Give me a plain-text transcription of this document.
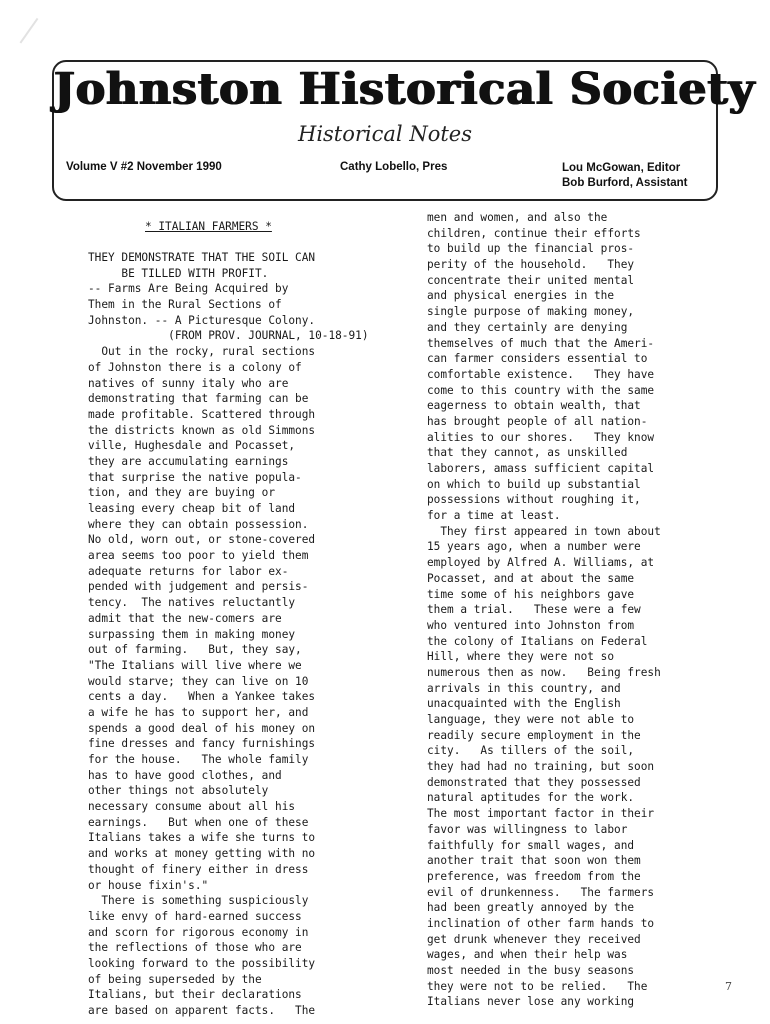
Johnston Historical Society
Historical Notes
Volume V #2 November 1990	Cathy Lobello, Pres	Lou McGowan, Editor
Bob Burford, Assistant
* ITALIAN FARMERS *
THEY DEMONSTRATE THAT THE SOIL CAN
BE TILLED WITH PROFIT.
-- Farms Are Being Acquired by
Them in the Rural Sections of
Johnston. -- A Picturesque Colony.
(FROM PROV. JOURNAL, 10-18-91)
Out in the rocky, rural sections
of Johnston there is a colony of
natives of sunny italy who are
demonstrating that farming can be
made profitable. Scattered through
the districts known as old Simmons
ville, Hughesdale and Pocasset,
they are accumulating earnings
that surprise the native popula-
tion, and they are buying or
leasing every cheap bit of land
where they can obtain possession.
No old, worn out, or stone-covered
area seems too poor to yield them
adequate returns for labor ex-
pended with judgement and persis-
tency.  The natives reluctantly
admit that the new-comers are
surpassing them in making money
out of farming.   But, they say,
"The Italians will live where we
would starve; they can live on 10
cents a day.   When a Yankee takes
a wife he has to support her, and
spends a good deal of his money on
fine dresses and fancy furnishings
for the house.   The whole family
has to have good clothes, and
other things not absolutely
necessary consume about all his
earnings.   But when one of these
Italians takes a wife she turns to
and works at money getting with no
thought of finery either in dress
or house fixin's."
There is something suspiciously
like envy of hard-earned success
and scorn for rigorous economy in
the reflections of those who are
looking forward to the possibility
of being superseded by the
Italians, but their declarations
are based on apparent facts.   The
men and women, and also the
children, continue their efforts
to build up the financial pros-
perity of the household.   They
concentrate their united mental
and physical energies in the
single purpose of making money,
and they certainly are denying
themselves of much that the Ameri-
can farmer considers essential to
comfortable existence.   They have
come to this country with the same
eagerness to obtain wealth, that
has brought people of all nation-
alities to our shores.   They know
that they cannot, as unskilled
laborers, amass sufficient capital
on which to build up substantial
possessions without roughing it,
for a time at least.
They first appeared in town about
15 years ago, when a number were
employed by Alfred A. Williams, at
Pocasset, and at about the same
time some of his neighbors gave
them a trial.   These were a few
who ventured into Johnston from
the colony of Italians on Federal
Hill, where they were not so
numerous then as now.   Being fresh
arrivals in this country, and
unacquainted with the English
language, they were not able to
readily secure employment in the
city.   As tillers of the soil,
they had had no training, but soon
demonstrated that they possessed
natural aptitudes for the work.
The most important factor in their
favor was willingness to labor
faithfully for small wages, and
another trait that soon won them
preference, was freedom from the
evil of drunkenness.   The farmers
had been greatly annoyed by the
inclination of other farm hands to
get drunk whenever they received
wages, and when their help was
most needed in the busy seasons
they were not to be relied.   The
Italians never lose any working
7
